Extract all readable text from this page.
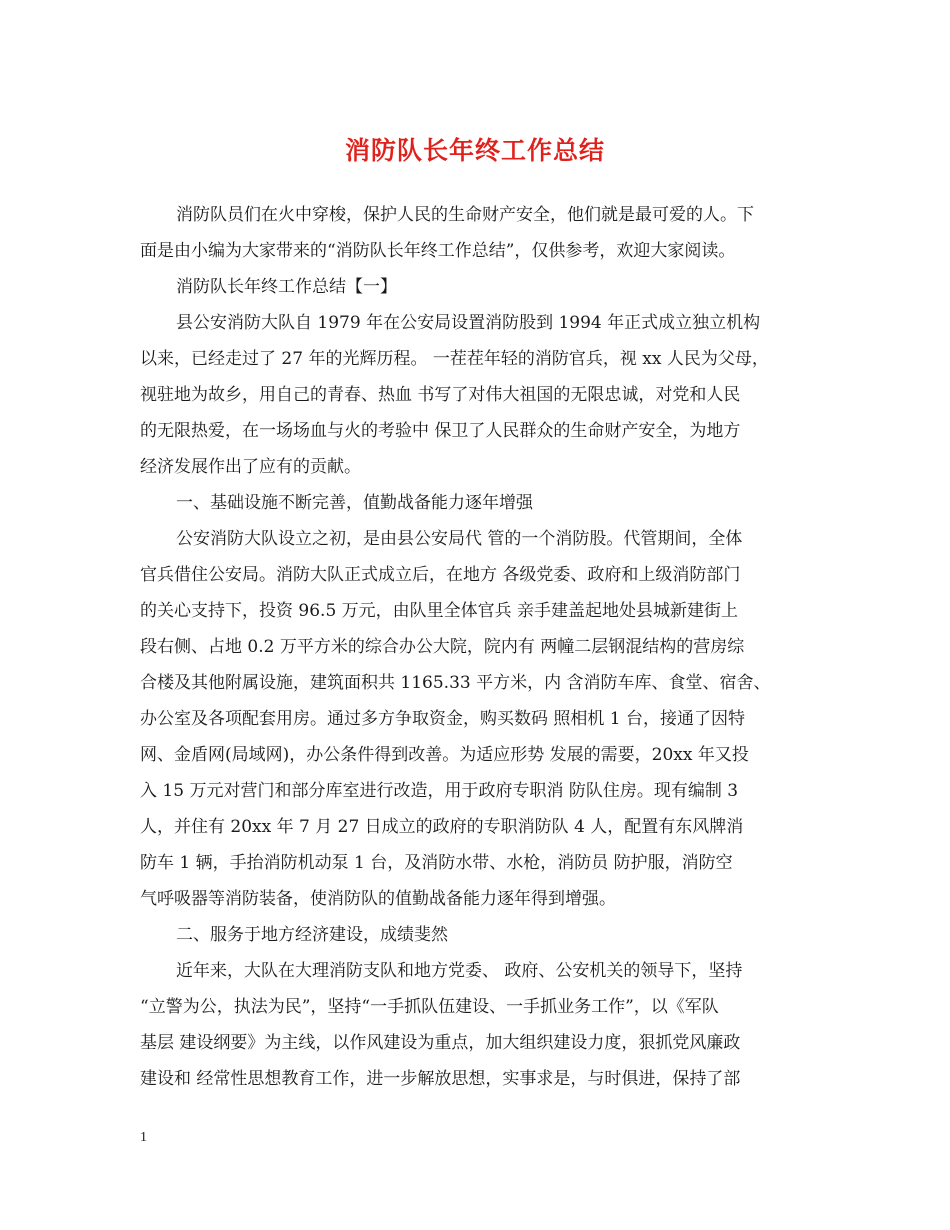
消防队长年终工作总结
消防队员们在火中穿梭，保护人民的生命财产安全，他们就是最可爱的人。下
面是由小编为大家带来的“消防队长年终工作总结”，仅供参考，欢迎大家阅读。
消防队长年终工作总结【一】
县公安消防大队自 1979 年在公安局设置消防股到 1994 年正式成立独立机构
以来，已经走过了 27 年的光辉历程。 一茬茬年轻的消防官兵，视 xx 人民为父母，
视驻地为故乡，用自己的青春、热血 书写了对伟大祖国的无限忠诚，对党和人民
的无限热爱，在一场场血与火的考验中 保卫了人民群众的生命财产安全，为地方
经济发展作出了应有的贡献。
一、基础设施不断完善，值勤战备能力逐年增强
公安消防大队设立之初，是由县公安局代 管的一个消防股。代管期间，全体
官兵借住公安局。消防大队正式成立后，在地方 各级党委、政府和上级消防部门
的关心支持下，投资 96.5 万元，由队里全体官兵 亲手建盖起地处县城新建街上
段右侧、占地 0.2 万平方米的综合办公大院，院内有 两幢二层钢混结构的营房综
合楼及其他附属设施，建筑面积共 1165.33 平方米，内 含消防车库、食堂、宿舍、
办公室及各项配套用房。通过多方争取资金，购买数码 照相机 1 台，接通了因特
网、金盾网(局域网)，办公条件得到改善。为适应形势 发展的需要，20xx 年又投
入 15 万元对营门和部分库室进行改造，用于政府专职消 防队住房。现有编制 3
人，并住有 20xx 年 7 月 27 日成立的政府的专职消防队 4 人，配置有东风牌消
防车 1 辆，手抬消防机动泵 1 台，及消防水带、水枪，消防员 防护服，消防空
气呼吸器等消防装备，使消防队的值勤战备能力逐年得到增强。
二、服务于地方经济建设，成绩斐然
近年来，大队在大理消防支队和地方党委、 政府、公安机关的领导下，坚持
“立警为公，执法为民”，坚持“一手抓队伍建设、一手抓业务工作”，以《军队
基层 建设纲要》为主线，以作风建设为重点，加大组织建设力度，狠抓党风廉政
建设和 经常性思想教育工作，进一步解放思想，实事求是，与时俱进，保持了部
1
